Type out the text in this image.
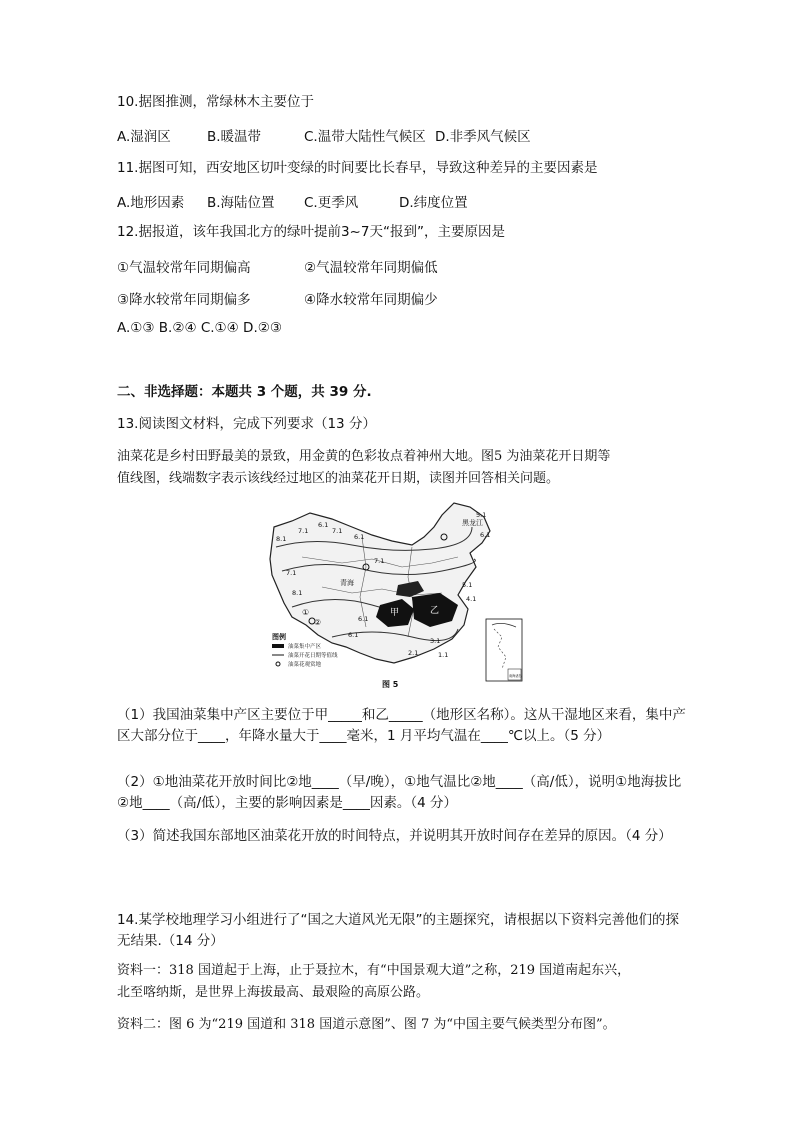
10.据图推测，常绿林木主要位于
A.湿润区	B.暖温带	C.温带大陆性气候区 D.非季风气候区
11.据图可知，西安地区切叶变绿的时间要比长春早，导致这种差异的主要因素是
A.地形因素 B.海陆位置 C.更季风	D.纬度位置
12.据报道，该年我国北方的绿叶提前3~7天“报到”，主要原因是
①气温较常年同期偏高	②气温较常年同期偏低
③降水较常年同期偏多	④降水较常年同期偏少
A.①③ B.②④ C.①④ D.②③
二、非选择题：本题共 3 个题，共 39 分.
13.阅读图文材料，完成下列要求（13 分）
油菜花是乡村田野最美的景致，用金黄的色彩妆点着神州大地。图5 为油菜花开日期等
值线图，线端数字表示该线经过地区的油菜花开日期，读图并回答相关问题。
黑龙江
青海
甲	乙
①
②
8.1
7.1
6.1
7.1
6.1
5.1
6.1
7.1
8.1
6.1
4.1
5.1
3.1
2.1	1.1
6.1
7.1
图例
油菜集中产区
油菜开花日期等值线
油菜花观赏地
南海诸岛
图 5
（1）我国油菜集中产区主要位于甲_____和乙_____（地形区名称）。这从干湿地区来看，集中产区大部分位于____，年降水量大于____毫米，1 月平均气温在____℃以上。（5 分）
（2）①地油菜花开放时间比②地____（早/晚），①地气温比②地____（高/低），说明①地海拔比②地____（高/低），主要的影响因素是____因素。（4 分）
（3）简述我国东部地区油菜花开放的时间特点，并说明其开放时间存在差异的原因。（4 分）
14.某学校地理学习小组进行了“国之大道风光无限”的主题探究，请根据以下资料完善他们的探无结果.（14 分）
资料一：318 国道起于上海，止于聂拉木，有“中国景观大道”之称，219 国道南起东兴，
北至喀纳斯，是世界上海拔最高、最艰险的高原公路。
资料二：图 6 为“219 国道和 318 国道示意图”、图 7 为“中国主要气候类型分布图”。
